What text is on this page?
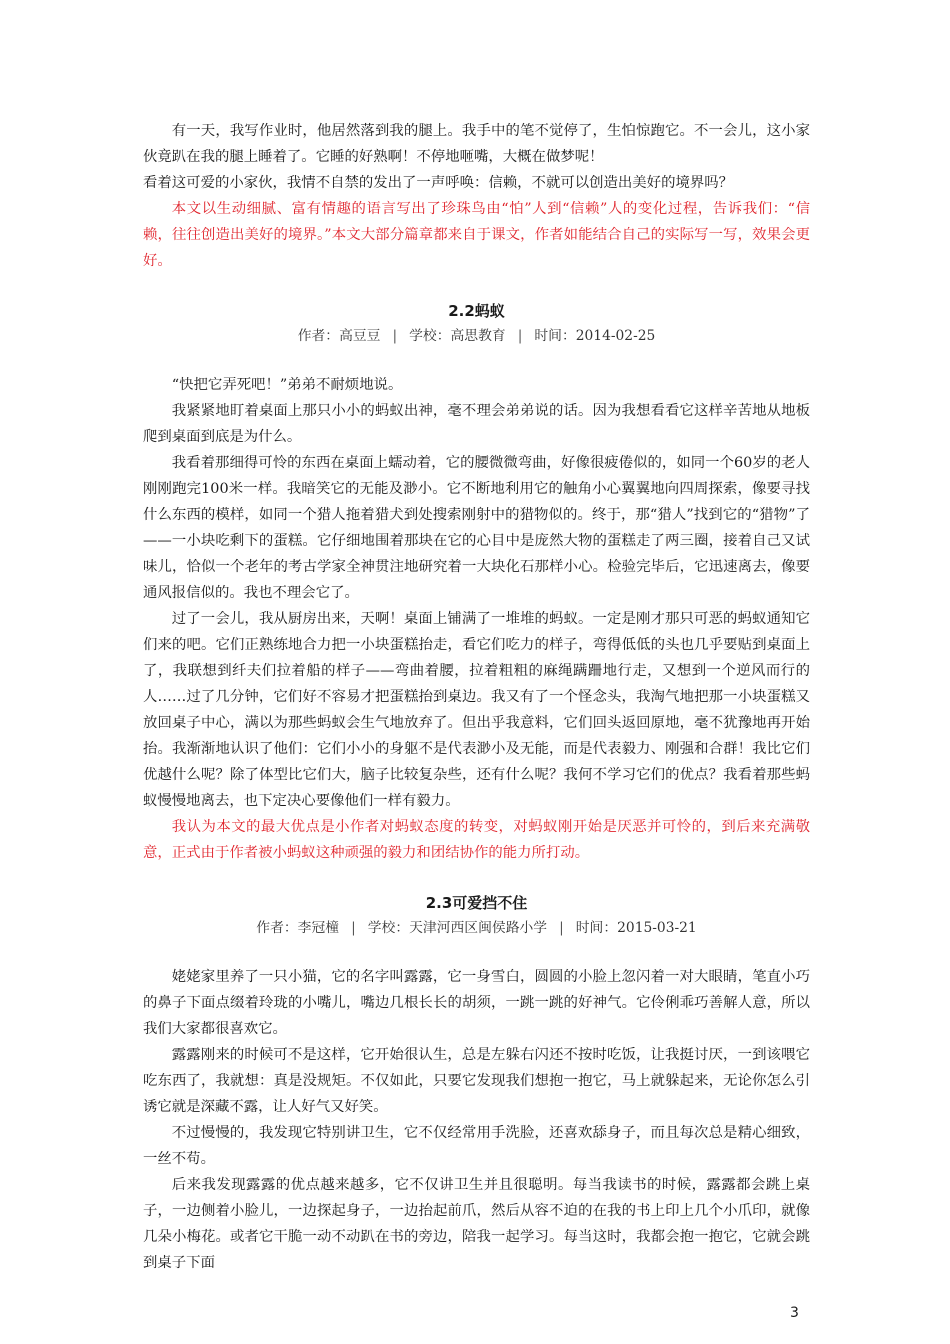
有一天，我写作业时，他居然落到我的腿上。我手中的笔不觉停了，生怕惊跑它。不一会儿，这小家伙竟趴在我的腿上睡着了。它睡的好熟啊！不停地咂嘴，大概在做梦呢！

看着这可爱的小家伙，我情不自禁的发出了一声呼唤：信赖，不就可以创造出美好的境界吗？

本文以生动细腻、富有情趣的语言写出了珍珠鸟由“怕”人到“信赖”人的变化过程，告诉我们：“信赖，往往创造出美好的境界。”本文大部分篇章都来自于课文，作者如能结合自己的实际写一写，效果会更好。

2.2蚂蚁
作者：高豆豆 | 学校：高思教育 | 时间：2014-02-25

“快把它弄死吧！”弟弟不耐烦地说。

我紧紧地盯着桌面上那只小小的蚂蚁出神，毫不理会弟弟说的话。因为我想看看它这样辛苦地从地板爬到桌面到底是为什么。

我看着那细得可怜的东西在桌面上蠕动着，它的腰微微弯曲，好像很疲倦似的，如同一个60岁的老人刚刚跑完100米一样。我暗笑它的无能及渺小。它不断地利用它的触角小心翼翼地向四周探索，像要寻找什么东西的模样，如同一个猎人拖着猎犬到处搜索刚射中的猎物似的。终于，那“猎人”找到它的“猎物”了——一小块吃剩下的蛋糕。它仔细地围着那块在它的心目中是庞然大物的蛋糕走了两三圈，接着自己又试味儿，恰似一个老年的考古学家全神贯注地研究着一大块化石那样小心。检验完毕后，它迅速离去，像要通风报信似的。我也不理会它了。

过了一会儿，我从厨房出来，天啊！桌面上铺满了一堆堆的蚂蚁。一定是刚才那只可恶的蚂蚁通知它们来的吧。它们正熟练地合力把一小块蛋糕抬走，看它们吃力的样子，弯得低低的头也几乎要贴到桌面上了，我联想到纤夫们拉着船的样子——弯曲着腰，拉着粗粗的麻绳蹒跚地行走，又想到一个逆风而行的人……过了几分钟，它们好不容易才把蛋糕抬到桌边。我又有了一个怪念头，我淘气地把那一小块蛋糕又放回桌子中心，满以为那些蚂蚁会生气地放弃了。但出乎我意料，它们回头返回原地，毫不犹豫地再开始抬。我渐渐地认识了他们：它们小小的身躯不是代表渺小及无能，而是代表毅力、刚强和合群！我比它们优越什么呢？除了体型比它们大，脑子比较复杂些，还有什么呢？我何不学习它们的优点？我看着那些蚂蚁慢慢地离去，也下定决心要像他们一样有毅力。

我认为本文的最大优点是小作者对蚂蚁态度的转变，对蚂蚁刚开始是厌恶并可怜的，到后来充满敬意，正式由于作者被小蚂蚁这种顽强的毅力和团结协作的能力所打动。

2.3可爱挡不住
作者：李冠橦 | 学校：天津河西区闽侯路小学 | 时间：2015-03-21

姥姥家里养了一只小猫，它的名字叫露露，它一身雪白，圆圆的小脸上忽闪着一对大眼睛，笔直小巧的鼻子下面点缀着玲珑的小嘴儿，嘴边几根长长的胡须，一跳一跳的好神气。它伶俐乖巧善解人意，所以我们大家都很喜欢它。

露露刚来的时候可不是这样，它开始很认生，总是左躲右闪还不按时吃饭，让我挺讨厌，一到该喂它吃东西了，我就想：真是没规矩。不仅如此，只要它发现我们想抱一抱它，马上就躲起来，无论你怎么引诱它就是深藏不露，让人好气又好笑。

不过慢慢的，我发现它特别讲卫生，它不仅经常用手洗脸，还喜欢舔身子，而且每次总是精心细致，一丝不苟。

后来我发现露露的优点越来越多，它不仅讲卫生并且很聪明。每当我读书的时候，露露都会跳上桌子，一边侧着小脸儿，一边探起身子，一边抬起前爪，然后从容不迫的在我的书上印上几个小爪印，就像几朵小梅花。或者它干脆一动不动趴在书的旁边，陪我一起学习。每当这时，我都会抱一抱它，它就会跳到桌子下面

3
